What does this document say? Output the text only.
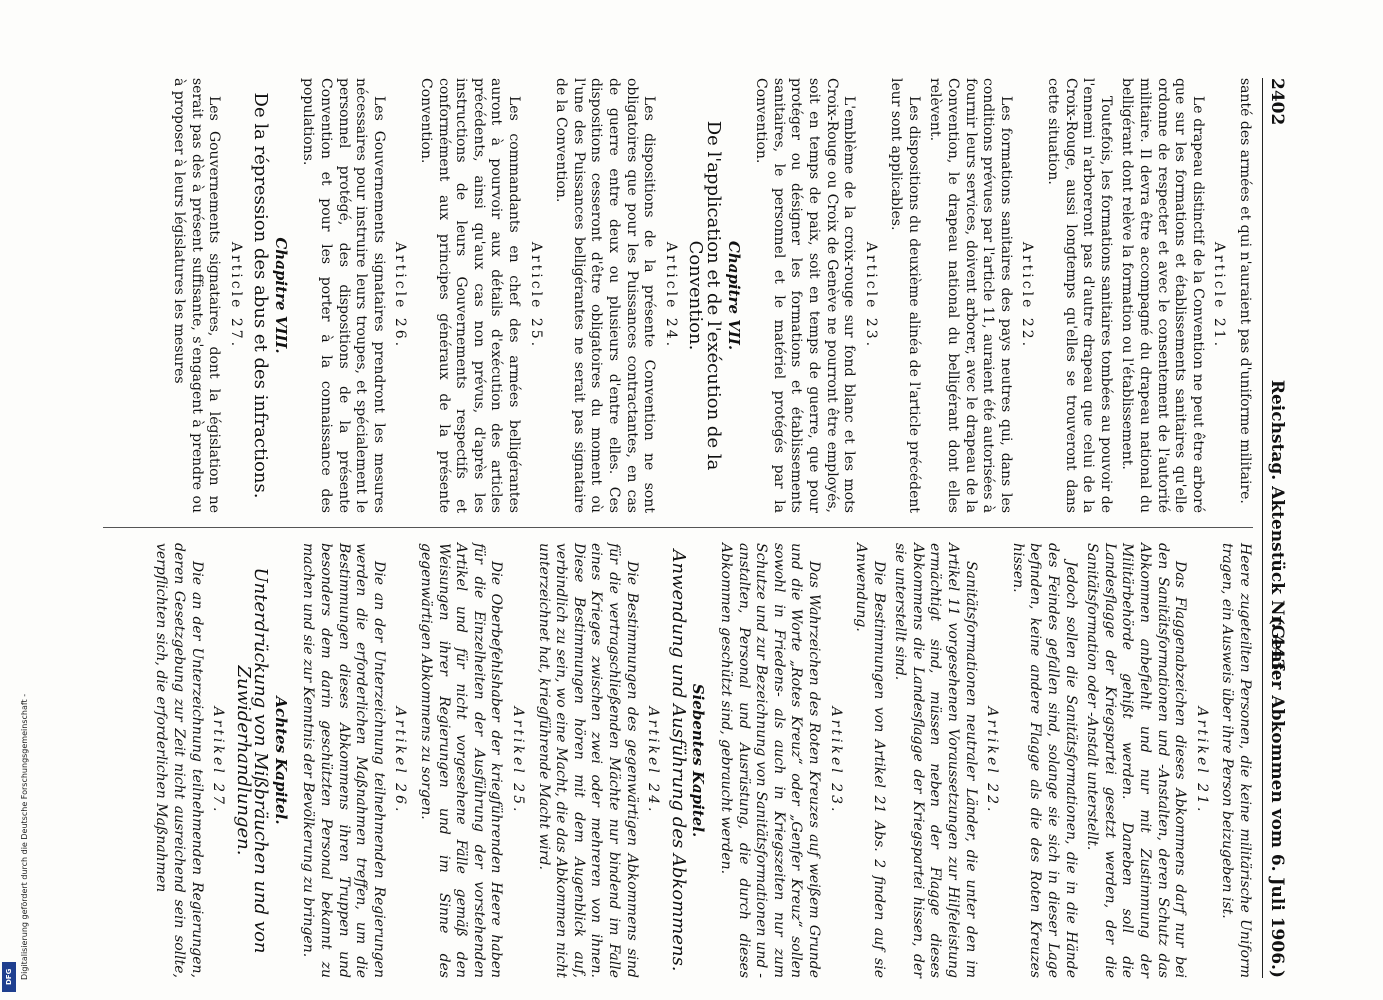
2402
Reichstag. Aktenstück Nr. 443.
(Genfer Abkommen vom 6. Juli 1906.)

santé des armées et qui n'auraient pas d'uniforme militaire.

Article 21.

Le drapeau distinctif de la Convention ne peut être arboré que sur les formations et établissements sanitaires qu'elle ordonne de respecter et avec le consentement de l'autorité militaire. Il devra être accompagné du drapeau national du belligérant dont relève la formation ou l'établissement.

Toutefois, les formations sanitaires tombées au pouvoir de l'ennemi n'arboreront pas d'autre drapeau que celui de la Croix-Rouge, aussi longtemps qu'elles se trouveront dans cette situation.

Article 22.

Les formations sanitaires des pays neutres qui, dans les conditions prévues par l'article 11, auraient été autorisées à fournir leurs services, doivent arborer, avec le drapeau de la Convention, le drapeau national du belligérant dont elles relèvent.

Les dispositions du deuxième alinéa de l'article précédent leur sont applicables.

Article 23.

L'emblème de la croix-rouge sur fond blanc et les mots Croix-Rouge ou Croix de Genève ne pourront être employés, soit en temps de paix, soit en temps de guerre, que pour protéger ou désigner les formations et établissements sanitaires, le personnel et le matériel protégés par la Convention.

Chapitre VII.
De l'application et de l'exécution de la Convention.
Article 24.

Les dispositions de la présente Convention ne sont obligatoires que pour les Puissances contractantes, en cas de guerre entre deux ou plusieurs d'entre elles. Ces dispositions cesseront d'être obligatoires du moment où l'une des Puissances belligérantes ne serait pas signataire de la Convention.

Article 25.

Les commandants en chef des armées belligérantes auront à pourvoir aux détails d'exécution des articles précédents, ainsi qu'aux cas non prévus, d'après les instructions de leurs Gouvernements respectifs et conformément aux principes généraux de la présente Convention.

Article 26.

Les Gouvernements signataires prendront les mesures nécessaires pour instruire leurs troupes, et spécialement le personnel protégé, des dispositions de la présente Convention et pour les porter à la connaissance des populations.

Chapitre VIII.
De la répression des abus et des infractions.
Article 27.

Les Gouvernements signataires, dont la législation ne serait pas dès à présent suffisante, s'engagent à prendre ou à proposer à leurs législatures les mesures

Heere zugeteilten Personen, die keine militärische Uniform tragen, ein Ausweis über ihre Person beizugeben ist.

Artikel 21.

Das Flaggenabzeichen dieses Abkommens darf nur bei den Sanitätsformationen und -Anstalten, deren Schutz das Abkommen anbefiehlt und nur mit Zustimmung der Militärbehörde gehißt werden. Daneben soll die Landesflagge der Kriegspartei gesetzt werden, der die Sanitätsformation oder -Anstalt unterstellt.

Jedoch sollen die Sanitätsformationen, die in die Hände des Feindes gefallen sind, solange sie sich in dieser Lage befinden, keine andere Flagge als die des Roten Kreuzes hissen.

Artikel 22.

Sanitätsformationen neutraler Länder, die unter den im Artikel 11 vorgesehenen Voraussetzungen zur Hilfeleistung ermächtigt sind, müssen neben der Flagge dieses Abkommens die Landesflagge der Kriegspartei hissen, der sie unterstellt sind.

Die Bestimmungen von Artikel 21 Abs. 2 finden auf sie Anwendung.

Artikel 23.

Das Wahrzeichen des Roten Kreuzes auf weißem Grunde und die Worte „Rotes Kreuz“ oder „Genfer Kreuz“ sollen sowohl in Friedens- als auch in Kriegszeiten nur zum Schutze und zur Bezeichnung von Sanitätsformationen und -anstalten, Personal und Ausrüstung, die durch dieses Abkommen geschützt sind, gebraucht werden.

Siebentes Kapitel.
Anwendung und Ausführung des Abkommens.
Artikel 24.

Die Bestimmungen des gegenwärtigen Abkommens sind für die vertragschließenden Mächte nur bindend im Falle eines Krieges zwischen zwei oder mehreren von ihnen. Diese Bestimmungen hören mit dem Augenblick auf, verbindlich zu sein, wo eine Macht, die das Abkommen nicht unterzeichnet hat, kriegführende Macht wird.

Artikel 25.

Die Oberbefehlshaber der kriegführenden Heere haben für die Einzelheiten der Ausführung der vorstehenden Artikel und für nicht vorgesehene Fälle gemäß den Weisungen ihrer Regierungen und im Sinne des gegenwärtigen Abkommens zu sorgen.

Artikel 26.

Die an der Unterzeichnung teilnehmenden Regierungen werden die erforderlichen Maßnahmen treffen, um die Bestimmungen dieses Abkommens ihren Truppen und besonders dem darin geschützten Personal bekannt zu machen und sie zur Kenntnis der Bevölkerung zu bringen.

Achtes Kapitel.
Unterdrückung von Mißbräuchen und von Zuwiderhandlungen.
Artikel 27.

Die an der Unterzeichnung teilnehmenden Regierungen, deren Gesetzgebung zur Zeit nicht ausreichend sein sollte, verpflichten sich, die erforderlichen Maßnahmen

Digitalisierung gefördert durch die Deutsche Forschungsgemeinschaft -
DFG
